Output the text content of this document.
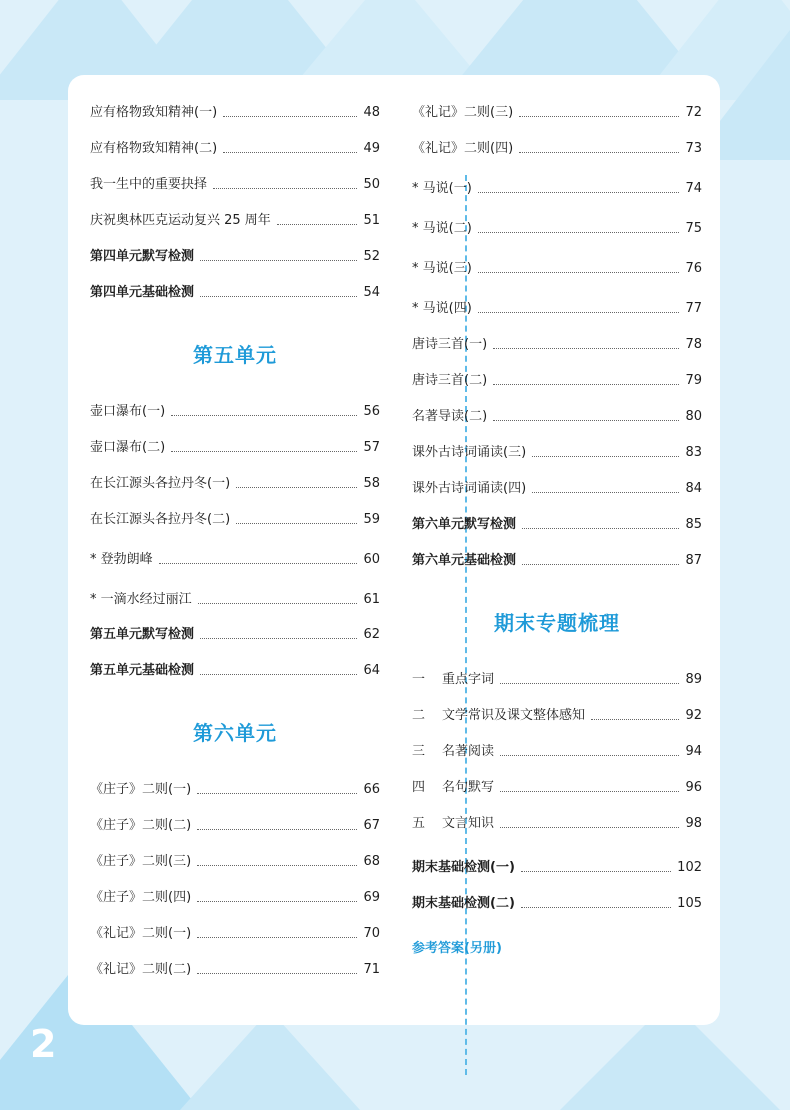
应有格物致知精神(一)	48
应有格物致知精神(二)	49
我一生中的重要抉择	50
庆祝奥林匹克运动复兴 25 周年	51
第四单元默写检测	52
第四单元基础检测	54
第五单元
壶口瀑布(一)	56
壶口瀑布(二)	57
在长江源头各拉丹冬(一)	58
在长江源头各拉丹冬(二)	59
* 登勃朗峰	60
* 一滴水经过丽江	61
第五单元默写检测	62
第五单元基础检测	64
第六单元
《庄子》二则(一)	66
《庄子》二则(二)	67
《庄子》二则(三)	68
《庄子》二则(四)	69
《礼记》二则(一)	70
《礼记》二则(二)	71
《礼记》二则(三)	72
《礼记》二则(四)	73
* 马说(一)	74
* 马说(二)	75
* 马说(三)	76
* 马说(四)	77
唐诗三首(一)	78
唐诗三首(二)	79
名著导读(二)	80
课外古诗词诵读(三)	83
课外古诗词诵读(四)	84
第六单元默写检测	85
第六单元基础检测	87
期末专题梳理
一	重点字词	89
二	文学常识及课文整体感知	92
三	名著阅读	94
四	名句默写	96
五	文言知识	98
期末基础检测(一)	102
期末基础检测(二)	105
参考答案(另册)
2
